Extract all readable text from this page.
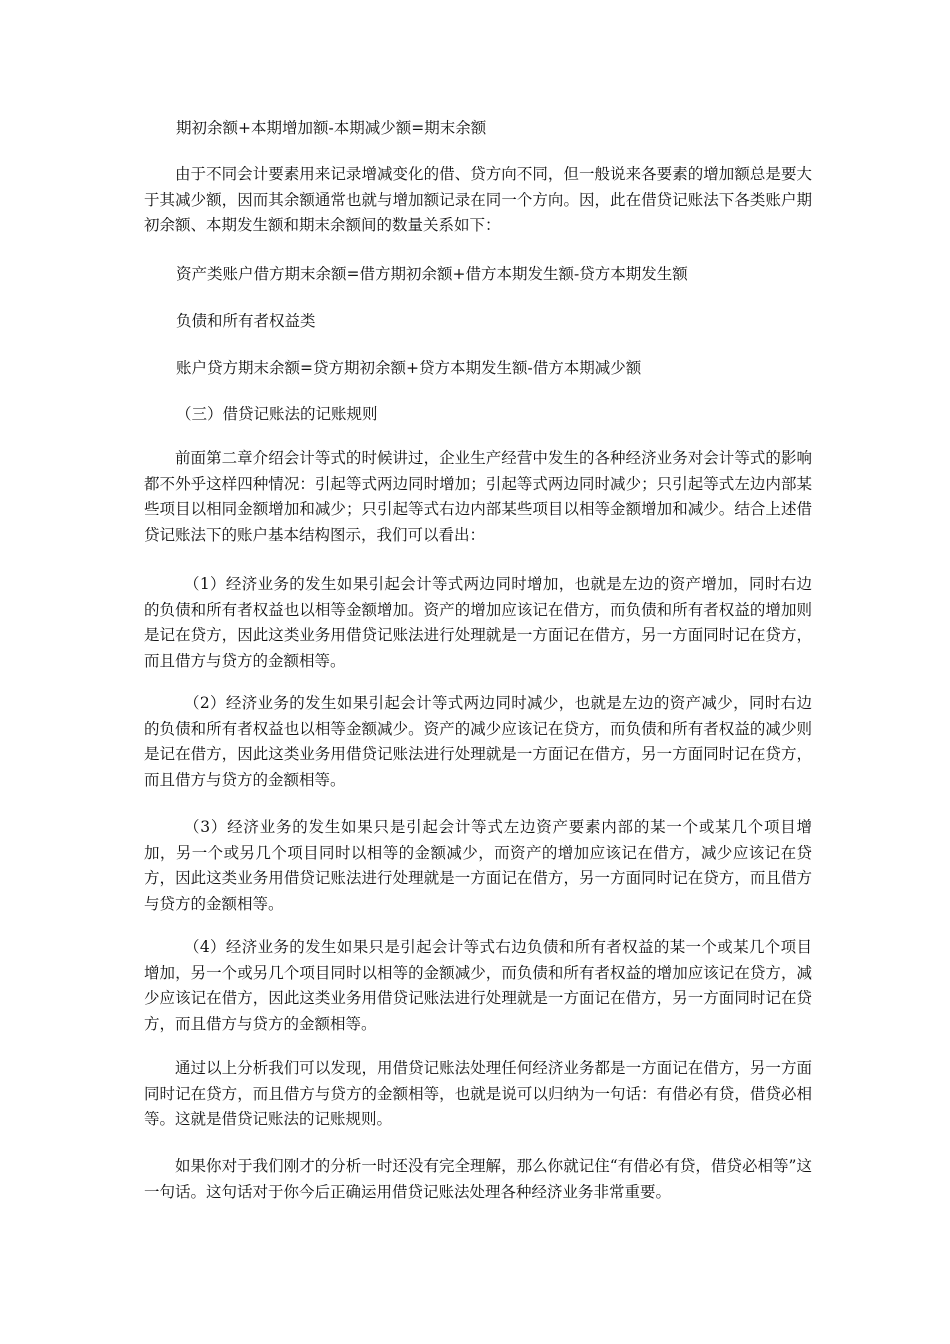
期初余额+本期增加额-本期减少额=期末余额
由于不同会计要素用来记录增减变化的借、贷方向不同，但一般说来各要素的增加额总是要大于其减少额，因而其余额通常也就与增加额记录在同一个方向。因，此在借贷记账法下各类账户期初余额、本期发生额和期末余额间的数量关系如下：
资产类账户借方期末余额=借方期初余额+借方本期发生额-贷方本期发生额
负债和所有者权益类
账户贷方期末余额=贷方期初余额+贷方本期发生额-借方本期减少额
（三）借贷记账法的记账规则
前面第二章介绍会计等式的时候讲过，企业生产经营中发生的各种经济业务对会计等式的影响都不外乎这样四种情况：引起等式两边同时增加；引起等式两边同时减少；只引起等式左边内部某些项目以相同金额增加和减少；只引起等式右边内部某些项目以相等金额增加和减少。结合上述借贷记账法下的账户基本结构图示，我们可以看出：
（1）经济业务的发生如果引起会计等式两边同时增加，也就是左边的资产增加，同时右边的负债和所有者权益也以相等金额增加。资产的增加应该记在借方，而负债和所有者权益的增加则是记在贷方，因此这类业务用借贷记账法进行处理就是一方面记在借方，另一方面同时记在贷方，而且借方与贷方的金额相等。
（2）经济业务的发生如果引起会计等式两边同时减少，也就是左边的资产减少，同时右边的负债和所有者权益也以相等金额减少。资产的减少应该记在贷方，而负债和所有者权益的减少则是记在借方，因此这类业务用借贷记账法进行处理就是一方面记在借方，另一方面同时记在贷方，而且借方与贷方的金额相等。
（3）经济业务的发生如果只是引起会计等式左边资产要素内部的某一个或某几个项目增加，另一个或另几个项目同时以相等的金额减少，而资产的增加应该记在借方，减少应该记在贷方，因此这类业务用借贷记账法进行处理就是一方面记在借方，另一方面同时记在贷方，而且借方与贷方的金额相等。
（4）经济业务的发生如果只是引起会计等式右边负债和所有者权益的某一个或某几个项目增加，另一个或另几个项目同时以相等的金额减少，而负债和所有者权益的增加应该记在贷方，减少应该记在借方，因此这类业务用借贷记账法进行处理就是一方面记在借方，另一方面同时记在贷方，而且借方与贷方的金额相等。
通过以上分析我们可以发现，用借贷记账法处理任何经济业务都是一方面记在借方，另一方面同时记在贷方，而且借方与贷方的金额相等，也就是说可以归纳为一句话：有借必有贷，借贷必相等。这就是借贷记账法的记账规则。
如果你对于我们刚才的分析一时还没有完全理解，那么你就记住“有借必有贷，借贷必相等”这一句话。这句话对于你今后正确运用借贷记账法处理各种经济业务非常重要。
